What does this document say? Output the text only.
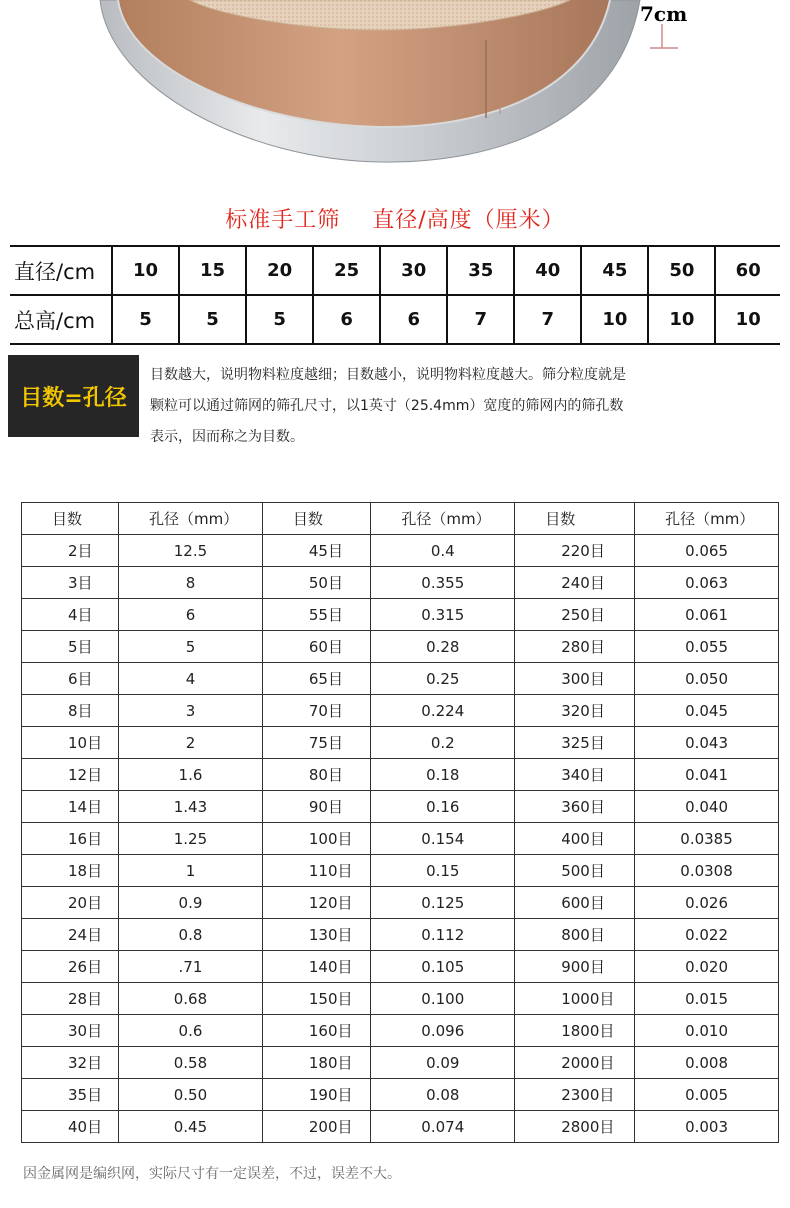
7cm
标准手工筛    直径/高度（厘米）
直径/cm	10	15	20	25	30	35	40	45	50	60
总高/cm	5	5	5	6	6	7	7	10	10	10
目数=孔径
目数越大，说明物料粒度越细；目数越小，说明物料粒度越大。筛分粒度就是
颗粒可以通过筛网的筛孔尺寸，以1英寸（25.4mm）宽度的筛网内的筛孔数
表示，因而称之为目数。
目数	孔径（mm）	目数	孔径（mm）	目数	孔径（mm）
2目	12.5	45目	0.4	220目	0.065
3目	8	50目	0.355	240目	0.063
4目	6	55目	0.315	250目	0.061
5目	5	60目	0.28	280目	0.055
6目	4	65目	0.25	300目	0.050
8目	3	70目	0.224	320目	0.045
10目	2	75目	0.2	325目	0.043
12目	1.6	80目	0.18	340目	0.041
14目	1.43	90目	0.16	360目	0.040
16目	1.25	100目	0.154	400目	0.0385
18目	1	110目	0.15	500目	0.0308
20目	0.9	120目	0.125	600目	0.026
24目	0.8	130目	0.112	800目	0.022
26目	.71	140目	0.105	900目	0.020
28目	0.68	150目	0.100	1000目	0.015
30目	0.6	160目	0.096	1800目	0.010
32目	0.58	180目	0.09	2000目	0.008
35目	0.50	190目	0.08	2300目	0.005
40目	0.45	200目	0.074	2800目	0.003
因金属网是编织网，实际尺寸有一定误差，不过，误差不大。
